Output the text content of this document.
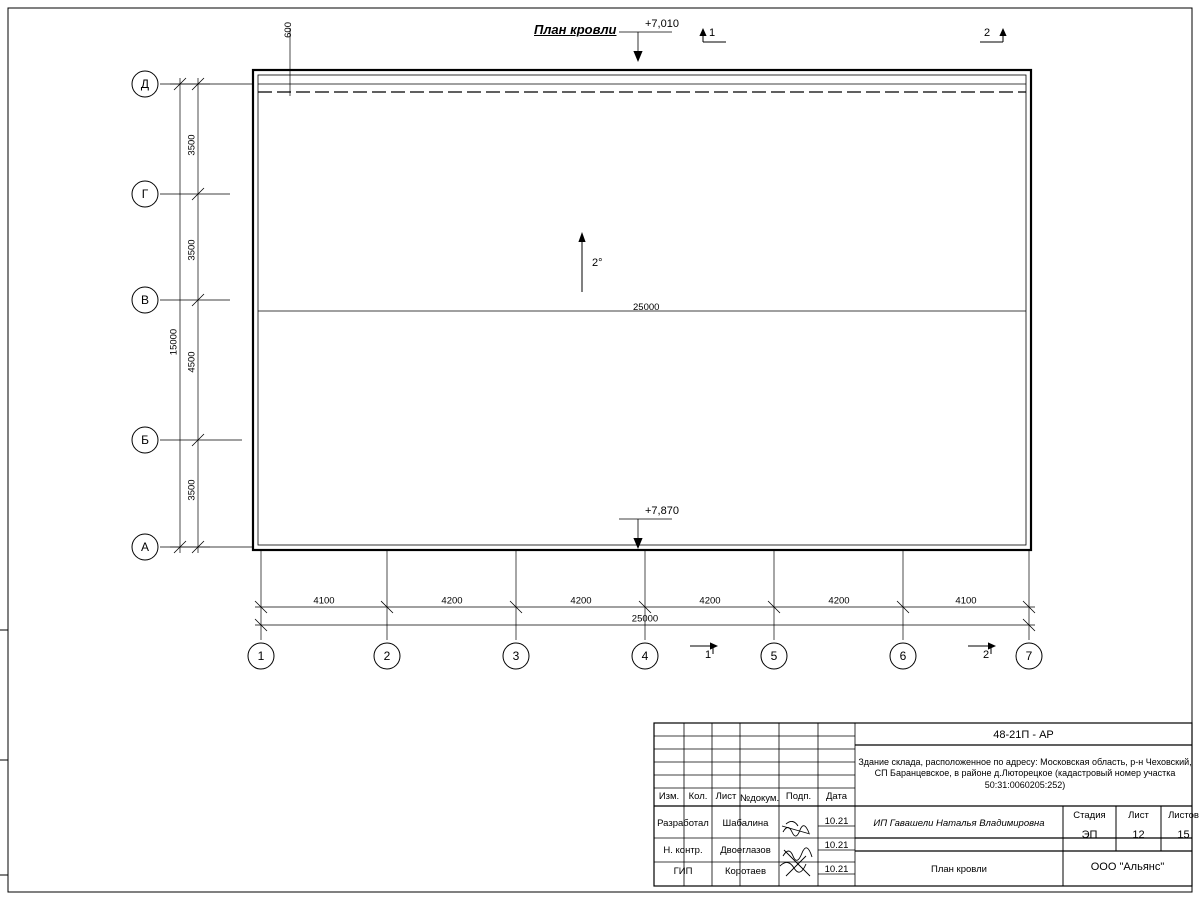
План кровли
600	+7,010
+7,870
1	2
1	2
2°
25000
Д
Г
В
Б
А
3500
3500
4500
3500
15000
4100	4200	4200	4200	4200	4100
25000
1	2	3	4	5	6	7
Изм. Кол. Лист №докум. Подп.	Дата
Разработал	Шабалина	10.21
Н. контр.	Двоеглазов	10.21
ГИП	Коротаев	10.21
48-21П - АР
Здание склада, расположенное по адресу: Московская область, р-н Чеховский, СП Баранцевское, в районе д.Люторецкое (кадастровый номер участка 50:31:0060205:252)
ИП Гавашели Наталья Владимировна
План кровли
Стадия	Лист	Листов
ЭП	12	15
ООО "Альянс"
